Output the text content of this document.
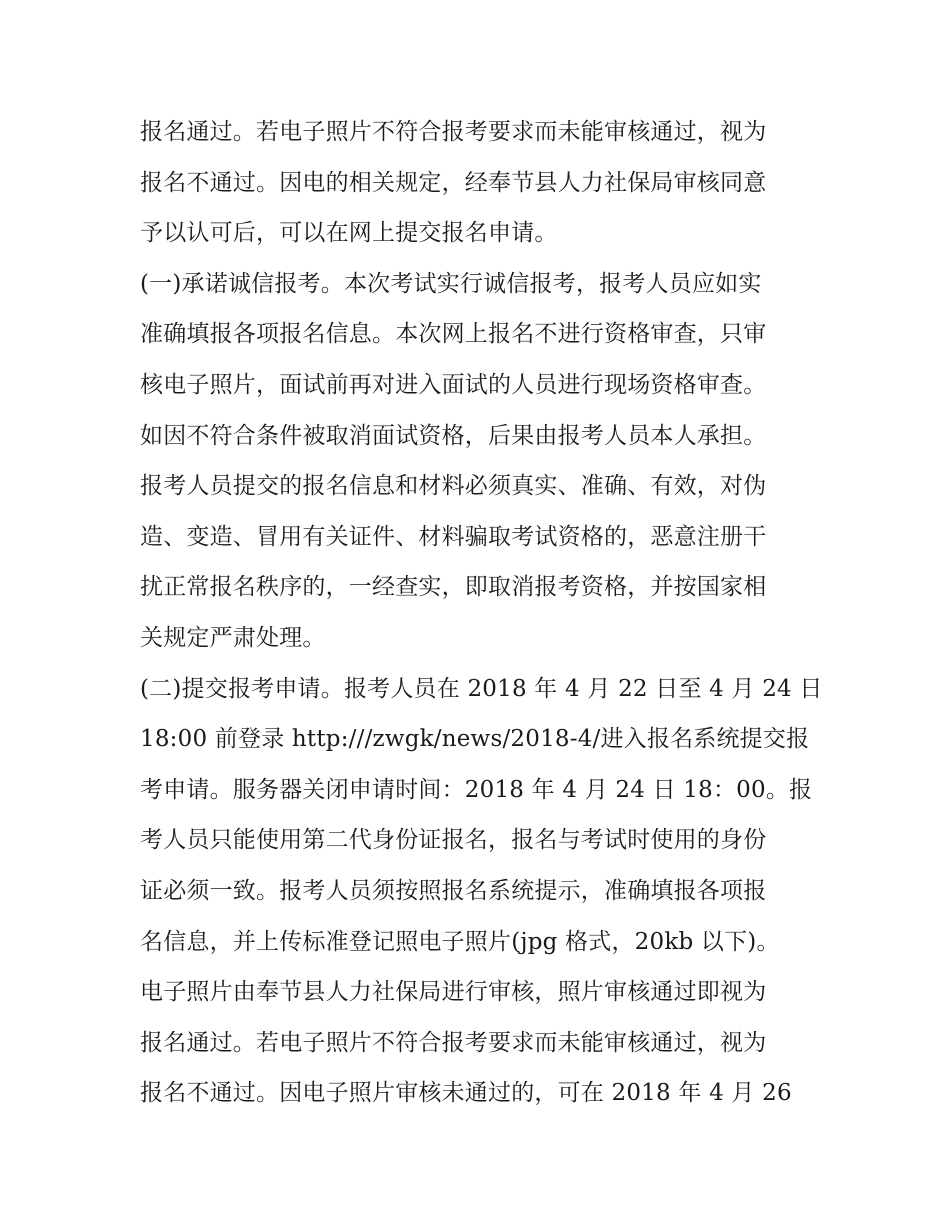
报名通过。若电子照片不符合报考要求而未能审核通过，视为
报名不通过。因电的相关规定，经奉节县人力社保局审核同意
予以认可后，可以在网上提交报名申请。
(一)承诺诚信报考。本次考试实行诚信报考，报考人员应如实
准确填报各项报名信息。本次网上报名不进行资格审查，只审
核电子照片，面试前再对进入面试的人员进行现场资格审查。
如因不符合条件被取消面试资格，后果由报考人员本人承担。
报考人员提交的报名信息和材料必须真实、准确、有效，对伪
造、变造、冒用有关证件、材料骗取考试资格的，恶意注册干
扰正常报名秩序的，一经查实，即取消报考资格，并按国家相
关规定严肃处理。
(二)提交报考申请。报考人员在 2018 年 4 月 22 日至 4 月 24 日
18:00 前登录 http:///zwgk/news/2018-4/进入报名系统提交报
考申请。服务器关闭申请时间：2018 年 4 月 24 日 18：00。报
考人员只能使用第二代身份证报名，报名与考试时使用的身份
证必须一致。报考人员须按照报名系统提示，准确填报各项报
名信息，并上传标准登记照电子照片(jpg 格式，20kb 以下)。
电子照片由奉节县人力社保局进行审核，照片审核通过即视为
报名通过。若电子照片不符合报考要求而未能审核通过，视为
报名不通过。因电子照片审核未通过的，可在 2018 年 4 月 26
